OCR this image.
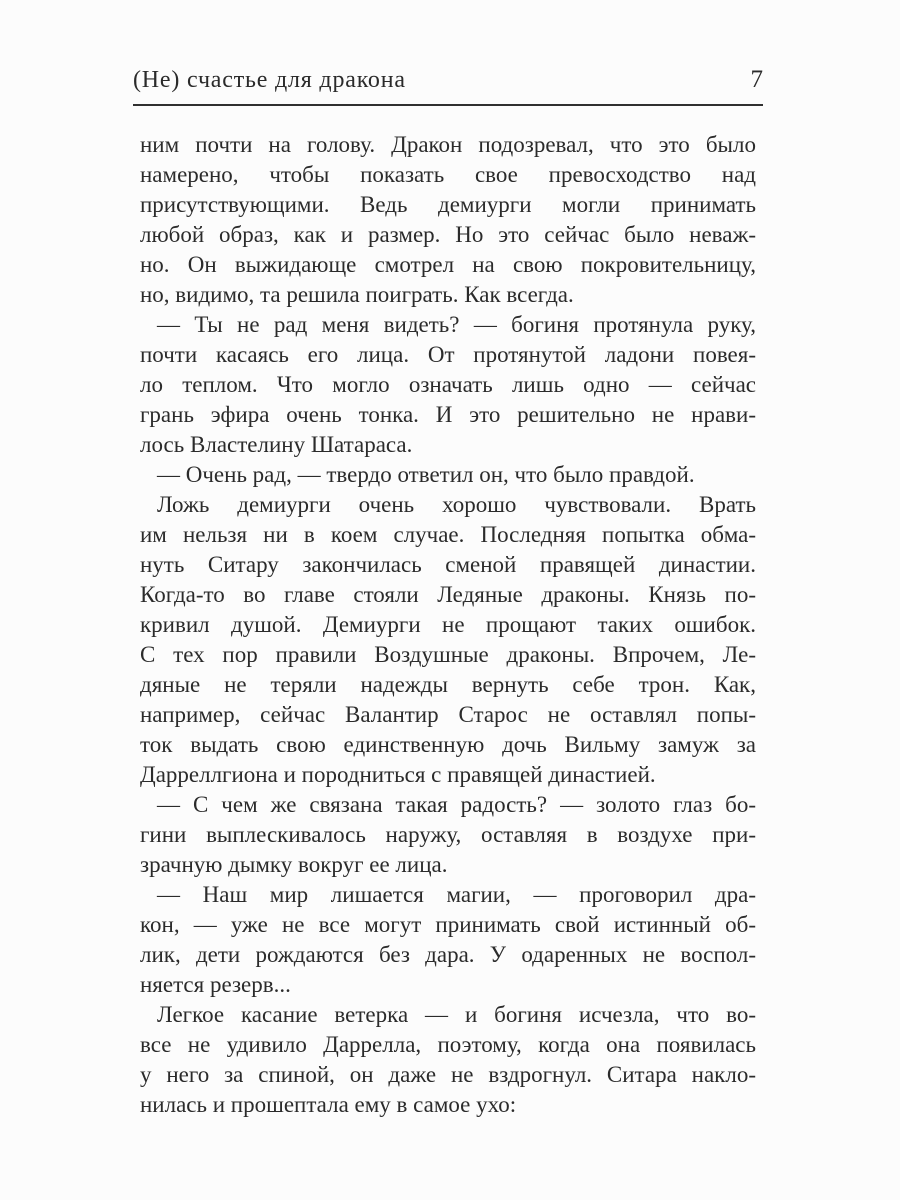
(Не) счастье для дракона	7
ним почти на голову. Дракон подозревал, что это было
намерено, чтобы показать свое превосходство над
присутствующими. Ведь демиурги могли принимать
любой образ, как и размер. Но это сейчас было неваж-
но. Он выжидающе смотрел на свою покровительницу,
но, видимо, та решила поиграть. Как всегда.
— Ты не рад меня видеть? — богиня протянула руку,
почти касаясь его лица. От протянутой ладони повея-
ло теплом. Что могло означать лишь одно — сейчас
грань эфира очень тонка. И это решительно не нрави-
лось Властелину Шатараса.
— Очень рад, — твердо ответил он, что было правдой.
Ложь демиурги очень хорошо чувствовали. Врать
им нельзя ни в коем случае. Последняя попытка обма-
нуть Ситару закончилась сменой правящей династии.
Когда-то во главе стояли Ледяные драконы. Князь по-
кривил душой. Демиурги не прощают таких ошибок.
С тех пор правили Воздушные драконы. Впрочем, Ле-
дяные не теряли надежды вернуть себе трон. Как,
например, сейчас Валантир Старос не оставлял попы-
ток выдать свою единственную дочь Вильму замуж за
Дарреллгиона и породниться с правящей династией.
— С чем же связана такая радость? — золото глаз бо-
гини выплескивалось наружу, оставляя в воздухе при-
зрачную дымку вокруг ее лица.
— Наш мир лишается магии, — проговорил дра-
кон, — уже не все могут принимать свой истинный об-
лик, дети рождаются без дара. У одаренных не воспол-
няется резерв...
Легкое касание ветерка — и богиня исчезла, что во-
все не удивило Даррелла, поэтому, когда она появилась
у него за спиной, он даже не вздрогнул. Ситара накло-
нилась и прошептала ему в самое ухо:
